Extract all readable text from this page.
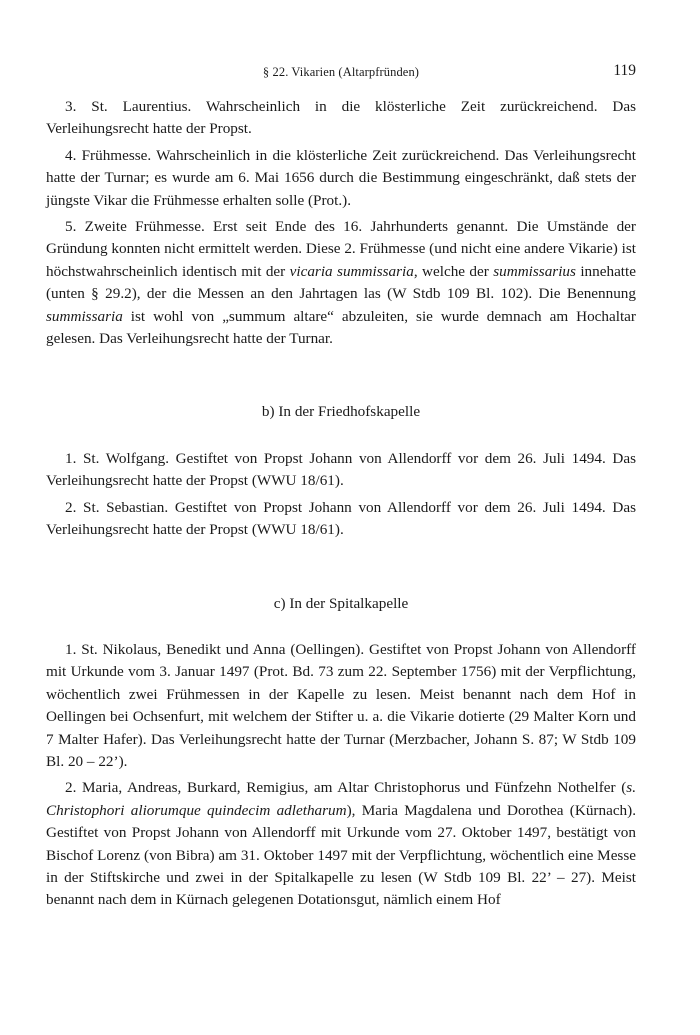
§ 22. Vikarien (Altarpfründen)	119

3. St. Laurentius. Wahrscheinlich in die klösterliche Zeit zurückreichend. Das Verleihungsrecht hatte der Propst.

4. Frühmesse. Wahrscheinlich in die klösterliche Zeit zurückreichend. Das Verleihungsrecht hatte der Turnar; es wurde am 6. Mai 1656 durch die Bestimmung eingeschränkt, daß stets der jüngste Vikar die Frühmesse erhalten solle (Prot.).

5. Zweite Frühmesse. Erst seit Ende des 16. Jahrhunderts genannt. Die Umstände der Gründung konnten nicht ermittelt werden. Diese 2. Frühmesse (und nicht eine andere Vikarie) ist höchstwahrscheinlich identisch mit der vicaria summissaria, welche der summissarius innehatte (unten § 29.2), der die Messen an den Jahrtagen las (W Stdb 109 Bl. 102). Die Benennung summissaria ist wohl von „summum altare“ abzuleiten, sie wurde demnach am Hochaltar gelesen. Das Verleihungsrecht hatte der Turnar.

b) In der Friedhofskapelle

1. St. Wolfgang. Gestiftet von Propst Johann von Allendorff vor dem 26. Juli 1494. Das Verleihungsrecht hatte der Propst (WWU 18/61).

2. St. Sebastian. Gestiftet von Propst Johann von Allendorff vor dem 26. Juli 1494. Das Verleihungsrecht hatte der Propst (WWU 18/61).

c) In der Spitalkapelle

1. St. Nikolaus, Benedikt und Anna (Oellingen). Gestiftet von Propst Johann von Allendorff mit Urkunde vom 3. Januar 1497 (Prot. Bd. 73 zum 22. September 1756) mit der Verpflichtung, wöchentlich zwei Frühmessen in der Kapelle zu lesen. Meist benannt nach dem Hof in Oellingen bei Ochsenfurt, mit welchem der Stifter u. a. die Vikarie dotierte (29 Malter Korn und 7 Malter Hafer). Das Verleihungsrecht hatte der Turnar (Merzbacher, Johann S. 87; W Stdb 109 Bl. 20 – 22’).

2. Maria, Andreas, Burkard, Remigius, am Altar Christophorus und Fünfzehn Nothelfer (s. Christophori aliorumque quindecim adletharum), Maria Magdalena und Dorothea (Kürnach). Gestiftet von Propst Johann von Allendorff mit Urkunde vom 27. Oktober 1497, bestätigt von Bischof Lorenz (von Bibra) am 31. Oktober 1497 mit der Verpflichtung, wöchentlich eine Messe in der Stiftskirche und zwei in der Spitalkapelle zu lesen (W Stdb 109 Bl. 22’ – 27). Meist benannt nach dem in Kürnach gelegenen Dotationsgut, nämlich einem Hof
